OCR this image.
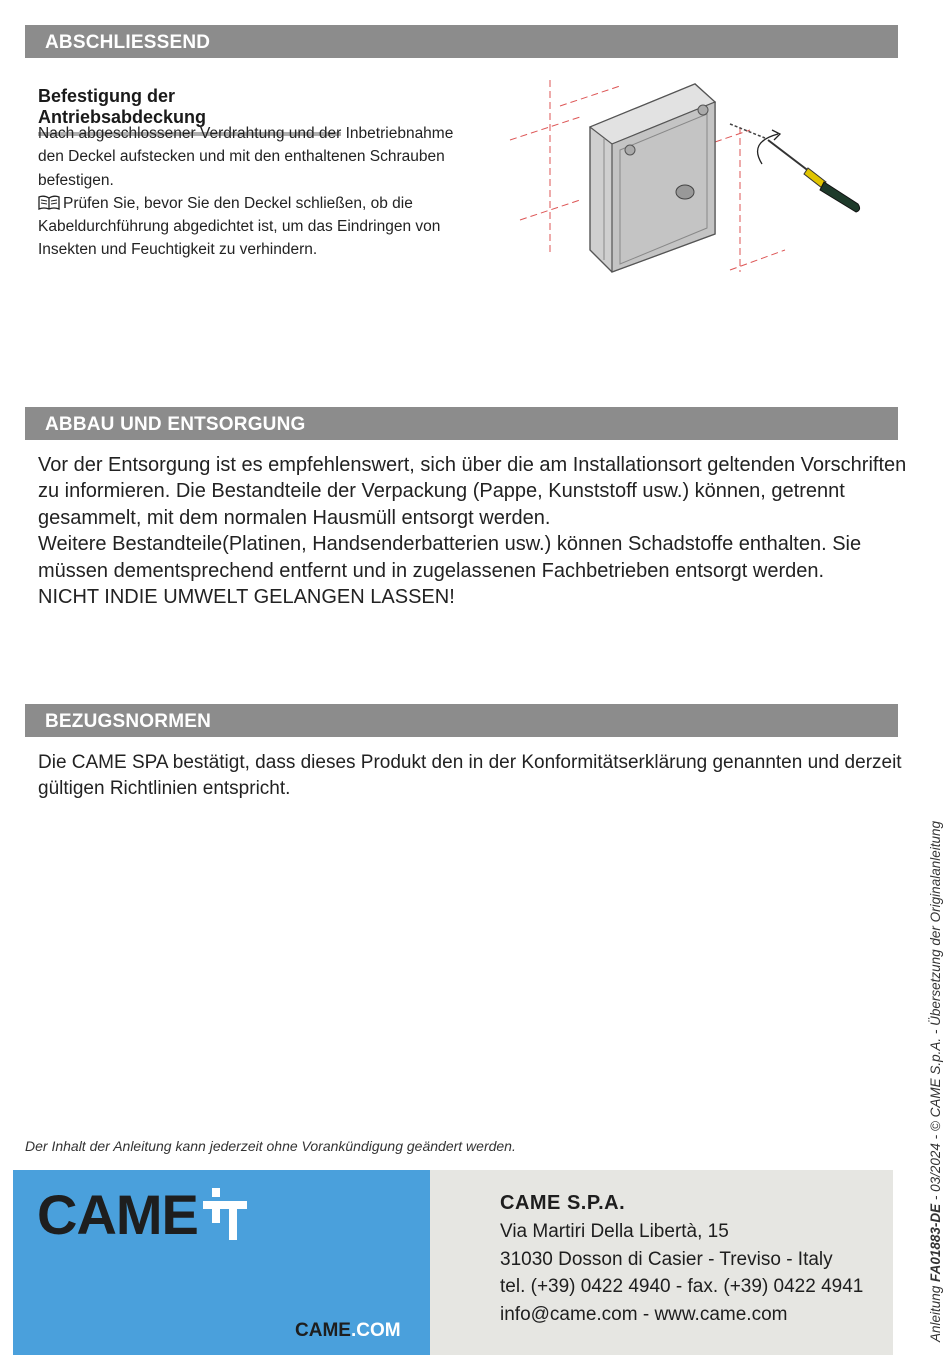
ABSCHLIESSEND
Befestigung der Antriebsabdeckung

Nach abgeschlossener Verdrahtung und der Inbetriebnahme den Deckel aufstecken und mit den enthaltenen Schrauben befestigen.

Prüfen Sie, bevor Sie den Deckel schließen, ob die Kabeldurchführung abgedichtet ist, um das Eindringen von Insekten und Feuchtigkeit zu verhindern.

ABBAU UND ENTSORGUNG

Vor der Entsorgung ist es empfehlenswert, sich über die am Installationsort geltenden Vorschriften zu informieren. Die Bestandteile der Verpackung (Pappe, Kunststoff usw.) können, getrennt gesammelt, mit dem normalen Hausmüll entsorgt werden.

Weitere Bestandteile(Platinen, Handsenderbatterien usw.) können Schadstoffe enthalten. Sie müssen dementsprechend entfernt und in zugelassenen Fachbetrieben entsorgt werden.

NICHT INDIE UMWELT GELANGEN LASSEN!

BEZUGSNORMEN

Die CAME SPA bestätigt, dass dieses Produkt den in der Konformitätserklärung genannten und derzeit gültigen Richtlinien entspricht.

Der Inhalt der Anleitung kann jederzeit ohne Vorankündigung geändert werden.
CAME
CAME.COM
CAME S.P.A.
Via Martiri Della Libertà, 15
31030 Dosson di Casier - Treviso - Italy
tel. (+39) 0422 4940 - fax. (+39) 0422 4941
info@came.com - www.came.com	Anleitung FA01883-DE - 03/2024 - © CAME S.p.A. - Übersetzung der Originalanleitung
